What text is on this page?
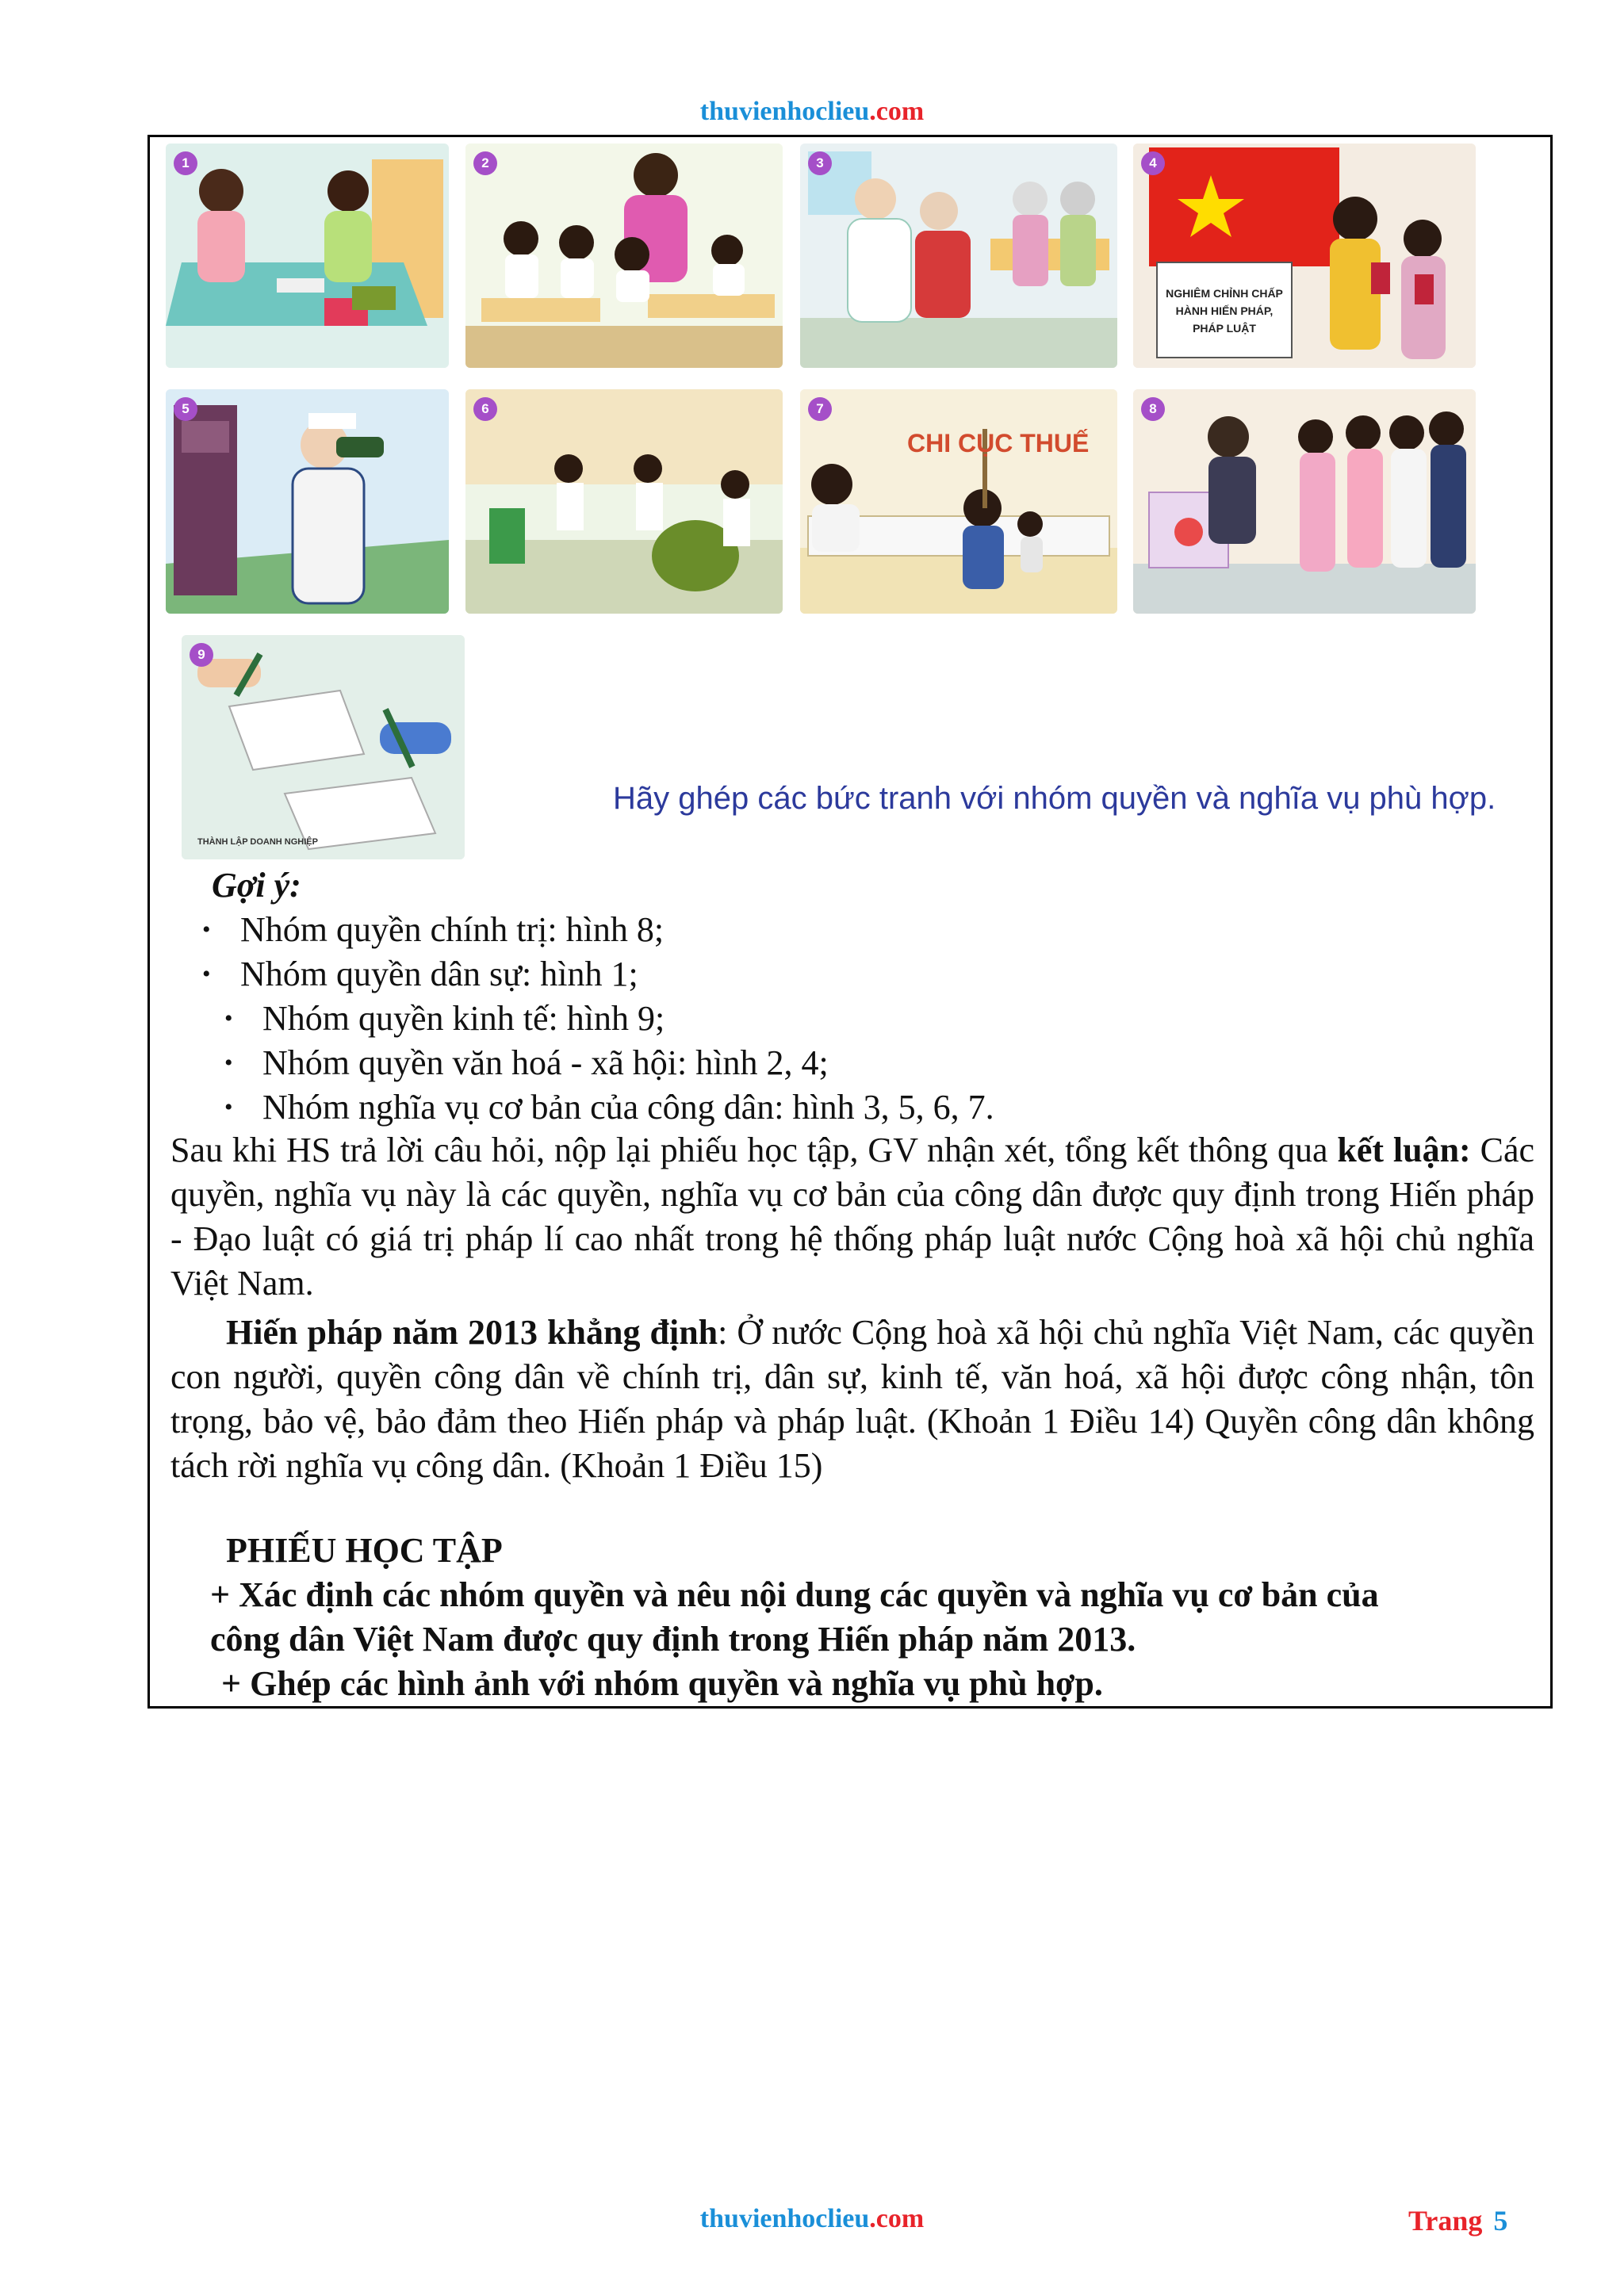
thuvienhoclieu.com
1	2	3
NGHIÊM CHỈNH CHẤP HÀNH HIẾN PHÁP, PHÁP LUẬT
4
5	6
CHI CỤC THUẾ
7	8
THÀNH LẬP DOANH NGHIỆP
9
Hãy ghép các bức tranh với nhóm quyền và nghĩa vụ phù hợp.
Gợi ý:
• Nhóm quyền chính trị: hình 8;
• Nhóm quyền dân sự: hình 1;
• Nhóm quyền kinh tế: hình 9;
• Nhóm quyền văn hoá - xã hội: hình 2, 4;
• Nhóm nghĩa vụ cơ bản của công dân: hình 3, 5, 6, 7.

Sau khi HS trả lời câu hỏi, nộp lại phiếu học tập, GV nhận xét, tổng kết thông qua kết luận: Các quyền, nghĩa vụ này là các quyền, nghĩa vụ cơ bản của công dân được quy định trong Hiến pháp - Đạo luật có giá trị pháp lí cao nhất trong hệ thống pháp luật nước Cộng hoà xã hội chủ nghĩa Việt Nam.

Hiến pháp năm 2013 khẳng định: Ở nước Cộng hoà xã hội chủ nghĩa Việt Nam, các quyền con người, quyền công dân về chính trị, dân sự, kinh tế, văn hoá, xã hội được công nhận, tôn trọng, bảo vệ, bảo đảm theo Hiến pháp và pháp luật. (Khoản 1 Điều 14) Quyền công dân không tách rời nghĩa vụ công dân. (Khoản 1 Điều 15)

PHIẾU HỌC TẬP
+ Xác định các nhóm quyền và nêu nội dung các quyền và nghĩa vụ cơ bản của
công dân Việt Nam được quy định trong Hiến pháp năm 2013.
+ Ghép các hình ảnh với nhóm quyền và nghĩa vụ phù hợp.
thuvienhoclieu.com	Trang 5
